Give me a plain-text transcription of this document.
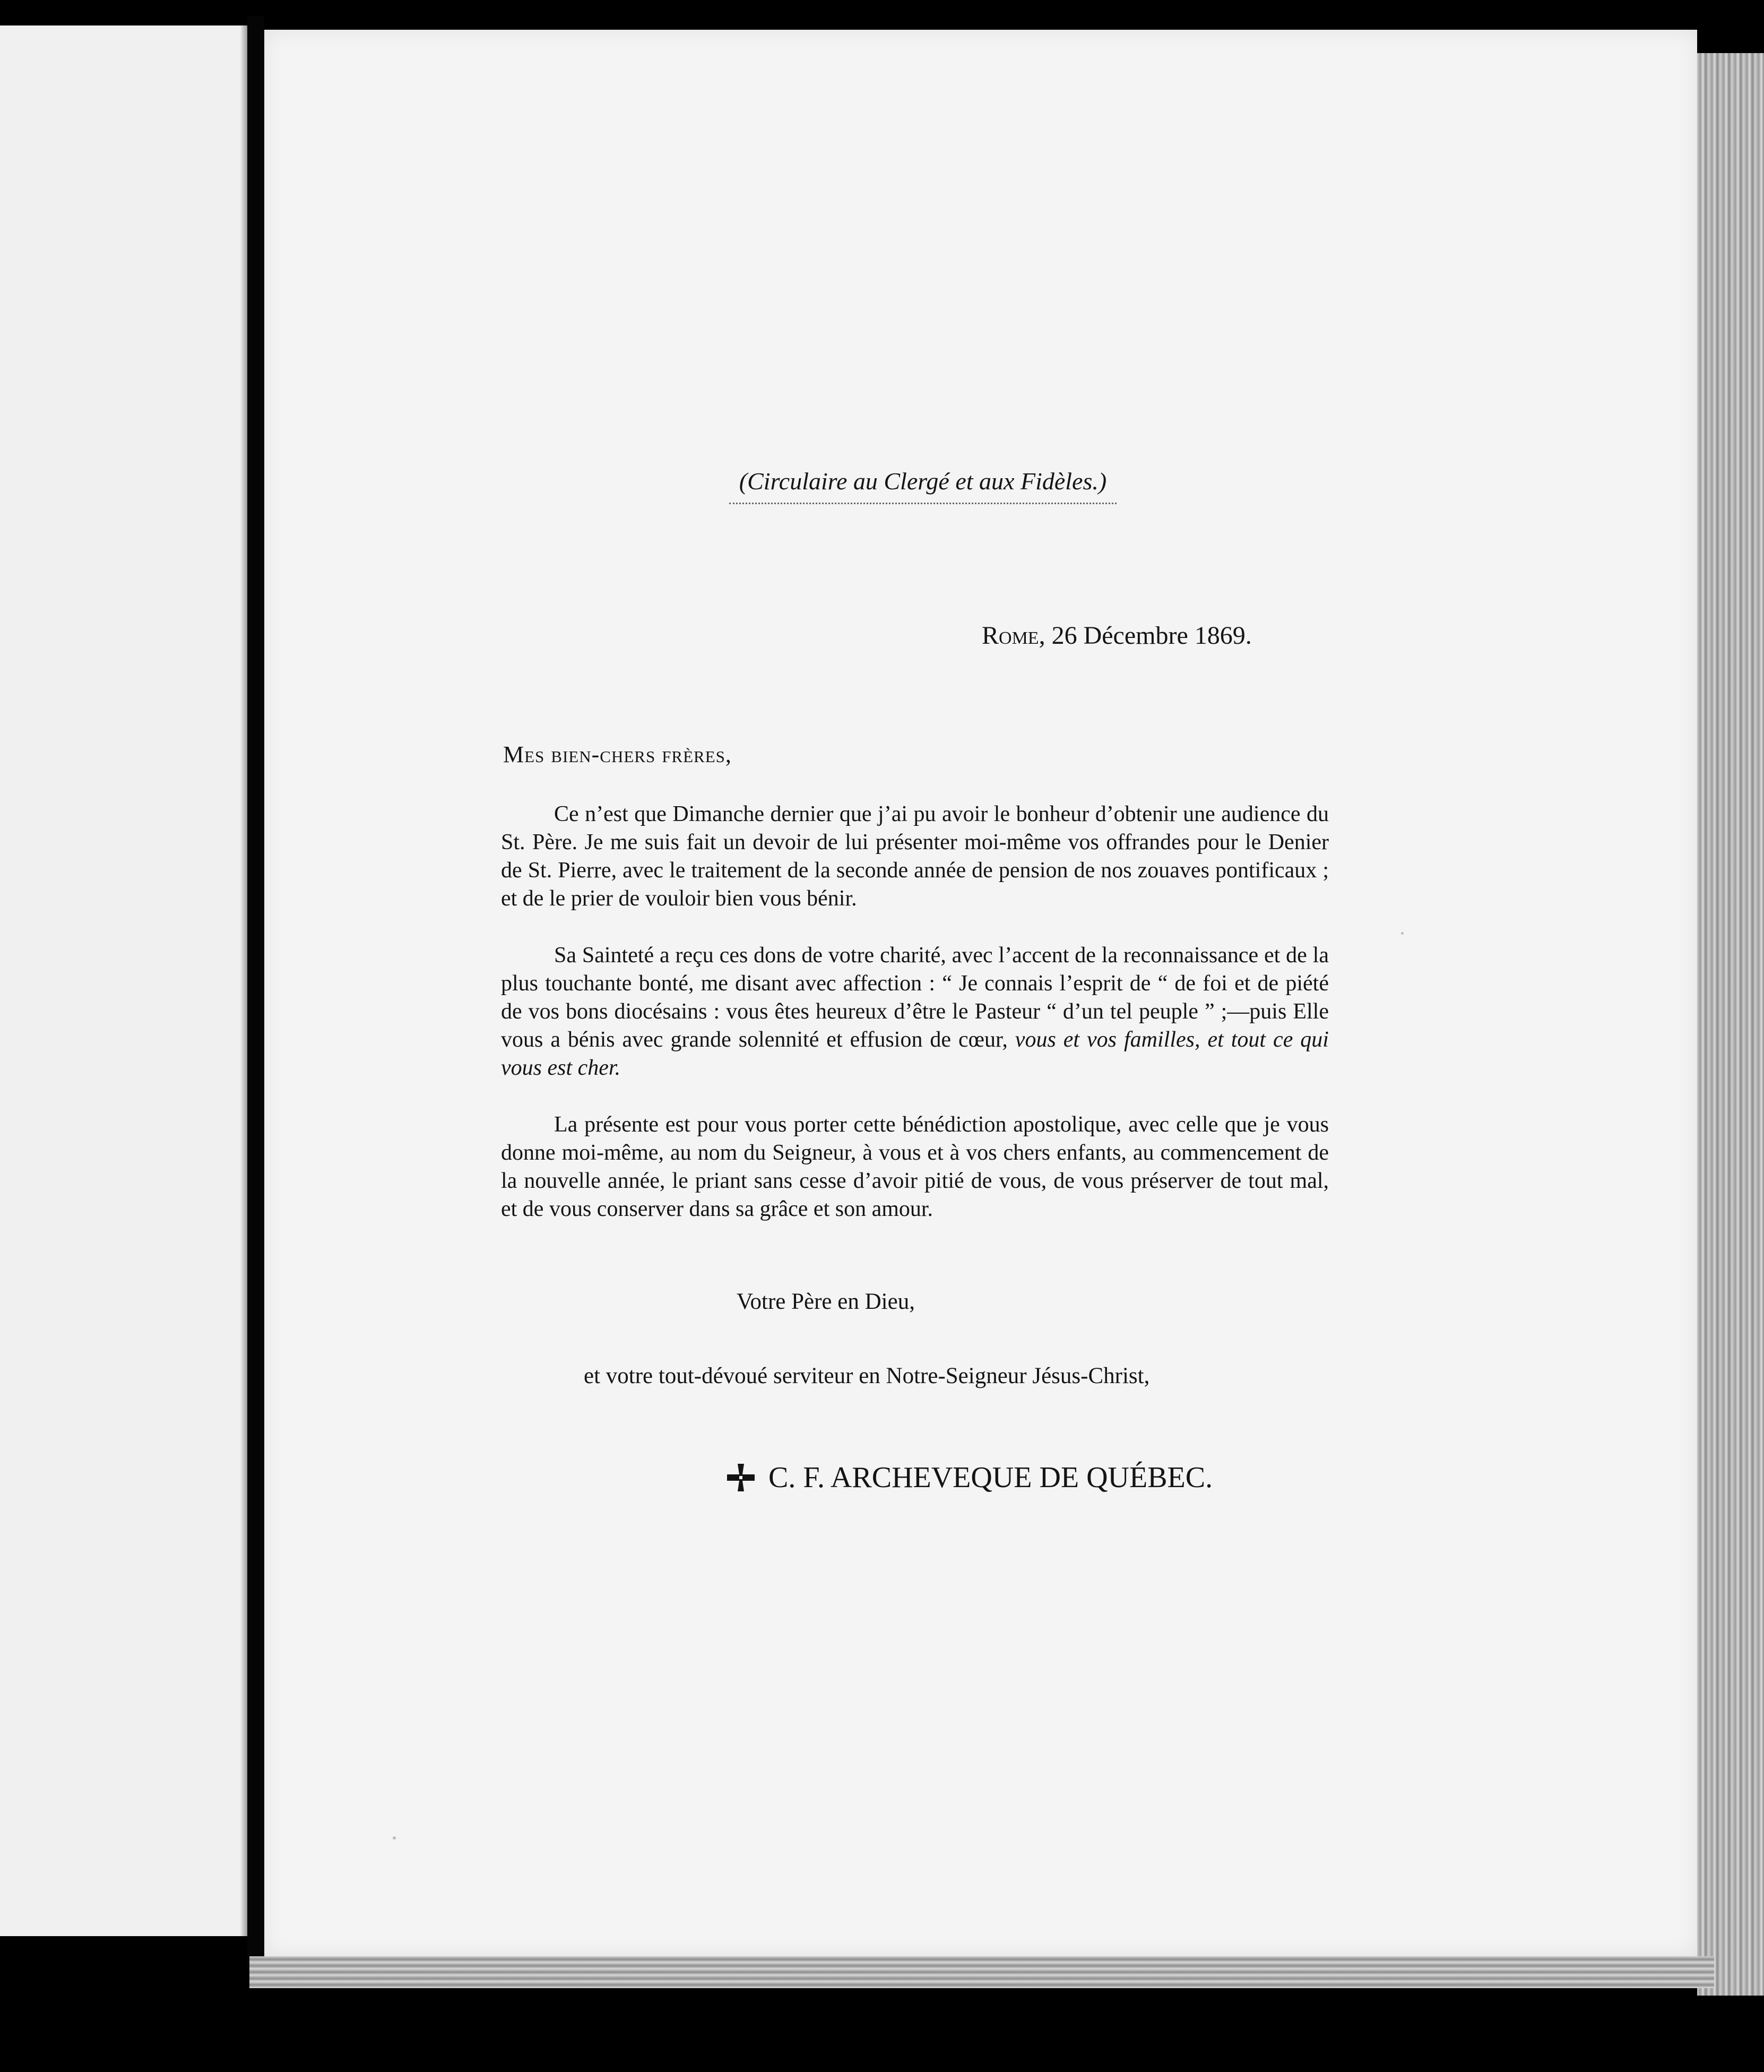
(Circulaire au Clergé et aux Fidèles.)
Rome, 26 Décembre 1869.
Mes bien-chers frères,

Ce n’est que Dimanche dernier que j’ai pu avoir le bonheur d’obtenir une audience du St. Père. Je me suis fait un devoir de lui présenter moi-même vos offrandes pour le Denier de St. Pierre, avec le traitement de la seconde année de pension de nos zouaves pontificaux ; et de le prier de vouloir bien vous bénir.

Sa Sainteté a reçu ces dons de votre charité, avec l’accent de la reconnaissance et de la plus touchante bonté, me disant avec affection : “ Je connais l’esprit de “ de foi et de piété de vos bons diocésains : vous êtes heureux d’être le Pasteur “ d’un tel peuple ” ;—puis Elle vous a bénis avec grande solennité et effusion de cœur, vous et vos familles, et tout ce qui vous est cher.

La présente est pour vous porter cette bénédiction apostolique, avec celle que je vous donne moi-même, au nom du Seigneur, à vous et à vos chers enfants, au commencement de la nouvelle année, le priant sans cesse d’avoir pitié de vous, de vous préserver de tout mal, et de vous conserver dans sa grâce et son amour.

Votre Père en Dieu,
et votre tout-dévoué serviteur en Notre-Seigneur Jésus-Christ,
C. F. ARCHEVEQUE DE QUÉBEC.
